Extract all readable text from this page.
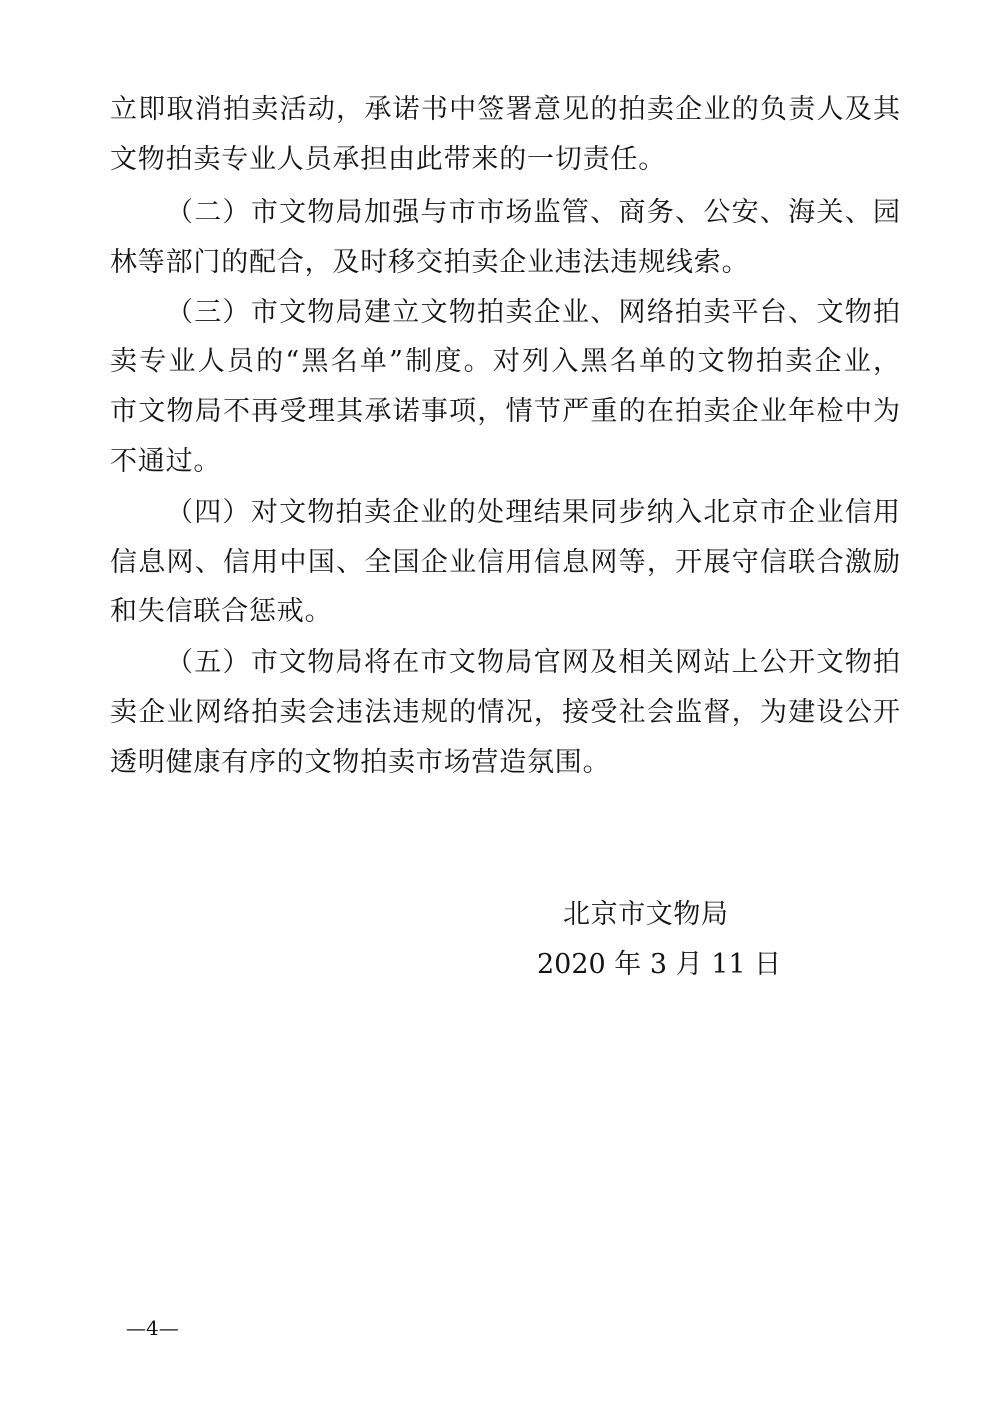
立即取消拍卖活动，承诺书中签署意见的拍卖企业的负责人及其
文物拍卖专业人员承担由此带来的一切责任。
（二）市文物局加强与市市场监管、商务、公安、海关、园
林等部门的配合，及时移交拍卖企业违法违规线索。
（三）市文物局建立文物拍卖企业、网络拍卖平台、文物拍
卖专业人员的“黑名单”制度。对列入黑名单的文物拍卖企业，
市文物局不再受理其承诺事项，情节严重的在拍卖企业年检中为
不通过。
（四）对文物拍卖企业的处理结果同步纳入北京市企业信用
信息网、信用中国、全国企业信用信息网等，开展守信联合激励
和失信联合惩戒。
（五）市文物局将在市文物局官网及相关网站上公开文物拍
卖企业网络拍卖会违法违规的情况，接受社会监督，为建设公开
透明健康有序的文物拍卖市场营造氛围。
北京市文物局
2020 年 3 月 11 日
—4—
